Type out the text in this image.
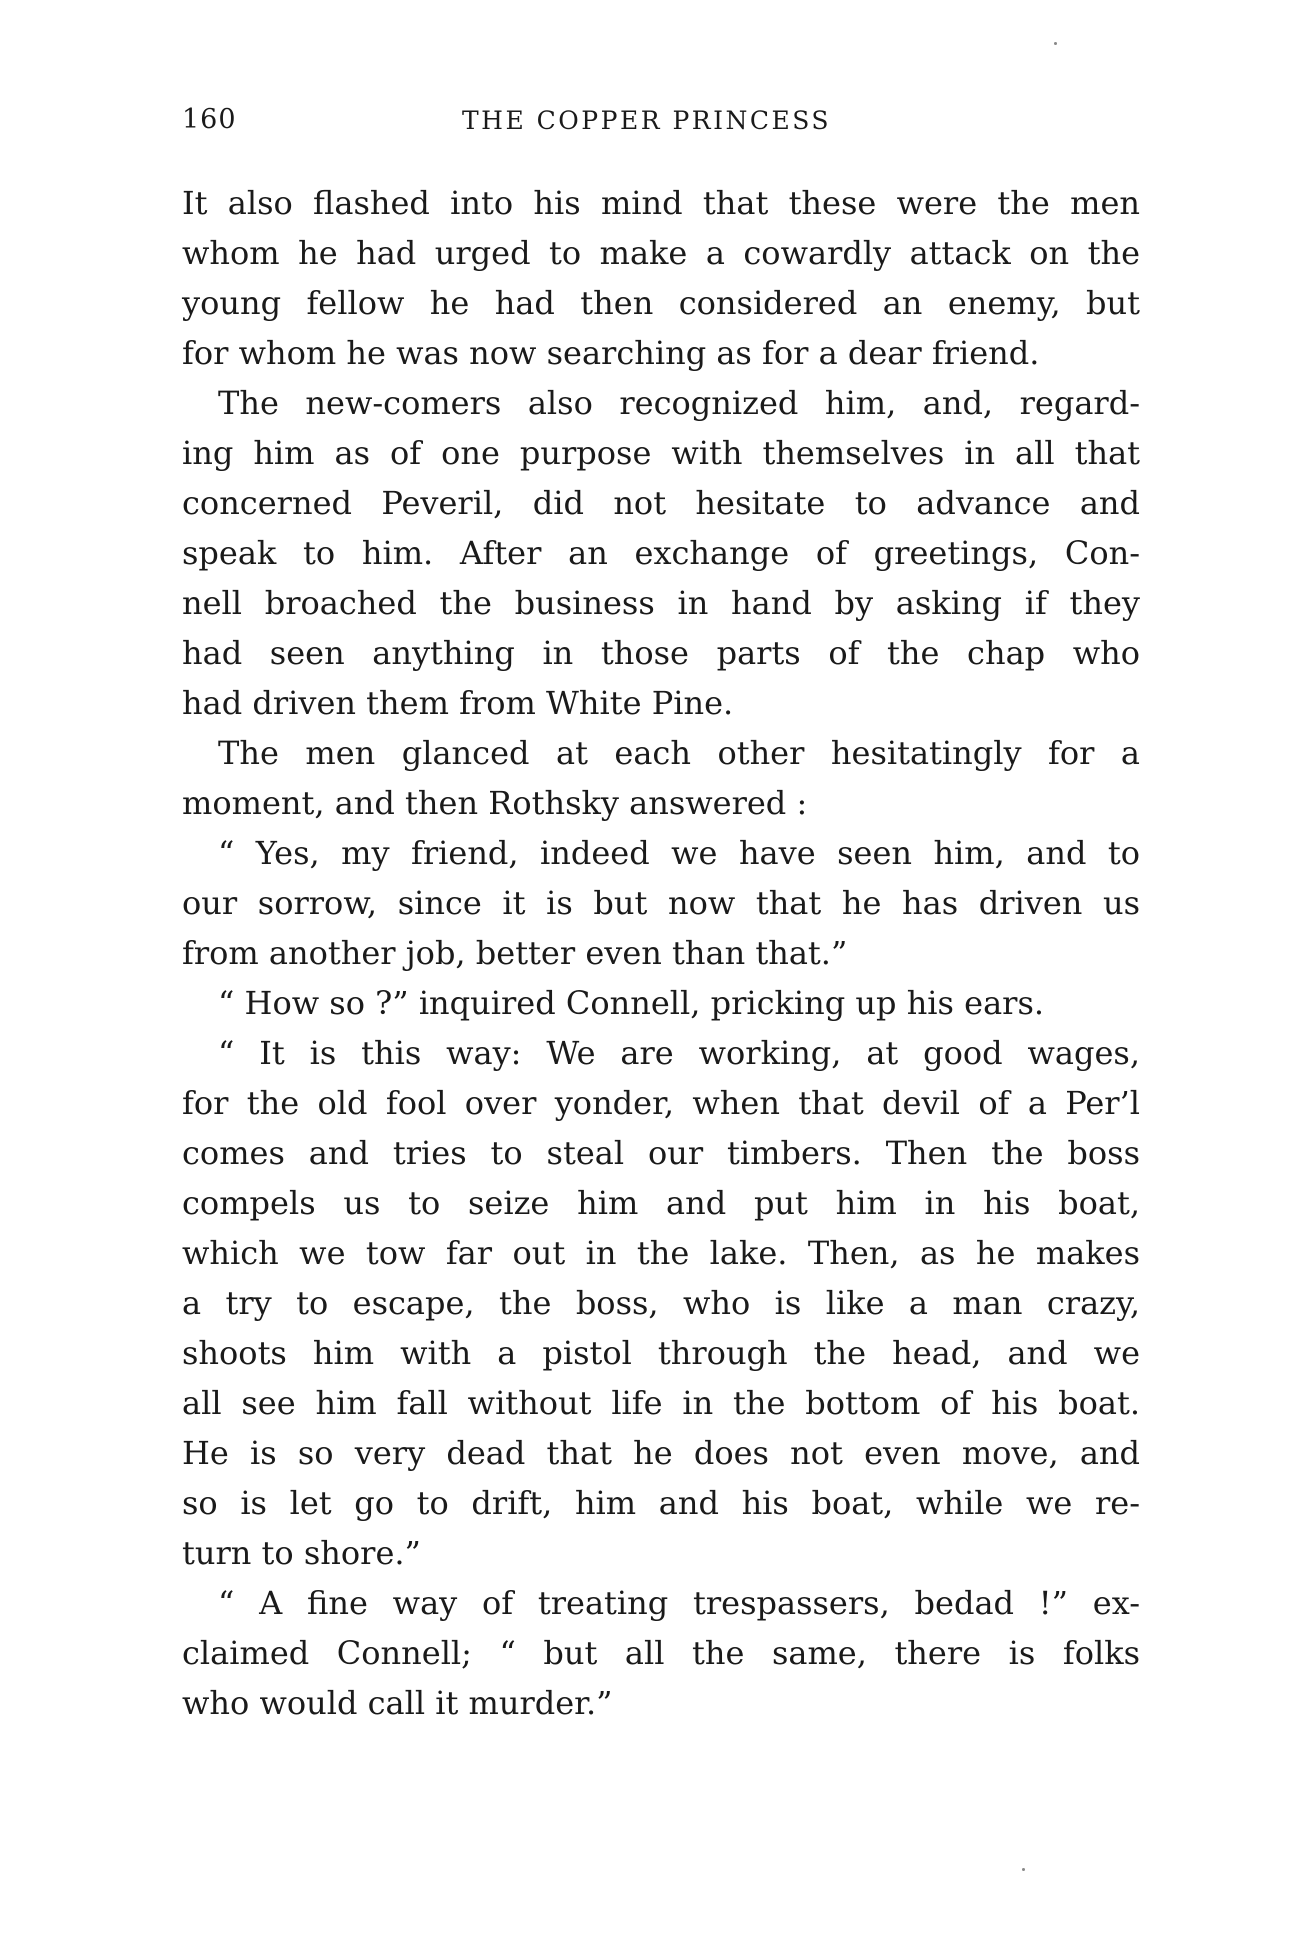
160	THE COPPER PRINCESS
It also flashed into his mind that these were the men
whom he had urged to make a cowardly attack on the
young fellow he had then considered an enemy, but
for whom he was now searching as for a dear friend.
The new-comers also recognized him, and, regard-
ing him as of one purpose with themselves in all that
concerned Peveril, did not hesitate to advance and
speak to him. After an exchange of greetings, Con-
nell broached the business in hand by asking if they
had seen anything in those parts of the chap who
had driven them from White Pine.
The men glanced at each other hesitatingly for a
moment, and then Rothsky answered :
“ Yes, my friend, indeed we have seen him, and to
our sorrow, since it is but now that he has driven us
from another job, better even than that.”
“ How so ?” inquired Connell, pricking up his ears.
“ It is this way: We are working, at good wages,
for the old fool over yonder, when that devil of a Per’l
comes and tries to steal our timbers. Then the boss
compels us to seize him and put him in his boat,
which we tow far out in the lake. Then, as he makes
a try to escape, the boss, who is like a man crazy,
shoots him with a pistol through the head, and we
all see him fall without life in the bottom of his boat.
He is so very dead that he does not even move, and
so is let go to drift, him and his boat, while we re-
turn to shore.”
“ A fine way of treating trespassers, bedad !” ex-
claimed Connell; “ but all the same, there is folks
who would call it murder.”
